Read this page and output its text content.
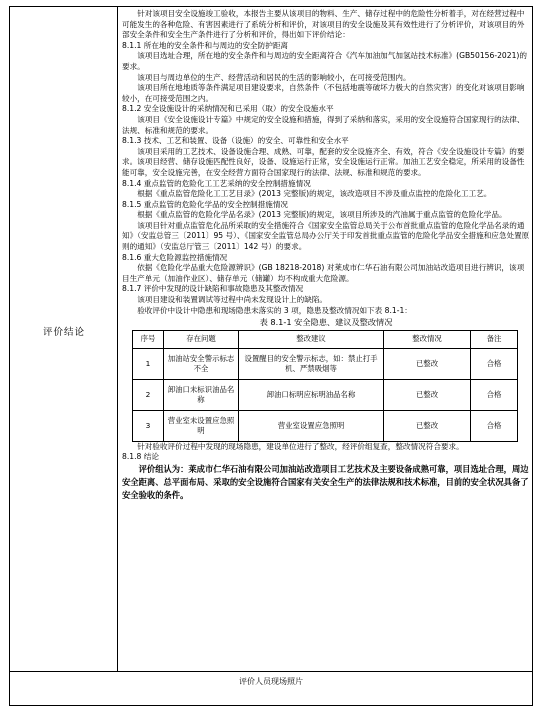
评价结论

针对该项目安全设施竣工验收，本报告主要从该项目的物料、生产、储存过程中的危险性分析着手，对在经营过程中可能发生的各种危险、有害因素进行了系统分析和评价，对该项目的安全设施及其有效性进行了分析评价，对该项目的外部安全条件和安全生产条件进行了分析和评价，得出如下评价结论：

8.1.1 所在地的安全条件和与周边的安全防护距离

该项目选址合理，所在地的安全条件和与周边的安全距离符合《汽车加油加气加氢站技术标准》(GB50156-2021)的要求。

该项目与周边单位的生产、经营活动和居民的生活的影响较小，在可接受范围内。

该项目所在地地质等条件满足项目建设要求，自然条件（不包括地震等破坏力极大的自然灾害）的变化对该项目影响较小，在可接受范围之内。

8.1.2 安全设施设计的采纳情况和已采用（取）的安全设施水平

该项目《安全设施设计专篇》中规定的安全设施和措施，得到了采纳和落实，采用的安全设施符合国家现行的法律、法规、标准和规范的要求。

8.1.3 技术、工艺和装置、设备（设施）的安全、可靠性和安全水平

该项目采用的工艺技术、设备设施合理、成熟、可靠，配套的安全设施齐全、有效，符合《安全设施设计专篇》的要求。该项目经营、储存设施匹配性良好，设备、设施运行正常，安全设施运行正常。加油工艺安全稳定，所采用的设备性能可靠，安全设施完善，在安全经营方面符合国家现行的法律、法规、标准和规范的要求。

8.1.4 重点监管的危险化工工艺采纳的安全控制措施情况

根据《重点监管危险化工工艺目录》(2013 完整版)的规定，该改造项目不涉及重点监控的危险化工工艺。

8.1.5 重点监管的危险化学品的安全控制措施情况

根据《重点监管的危险化学品名录》(2013 完整版)的规定，该项目所涉及的汽油属于重点监管的危险化学品。

该项目针对重点监管危化品所采取的安全措施符合《国家安全监管总局关于公布首批重点监管的危险化学品名录的通知》（安监总管三〔2011〕95 号）、《国家安全监管总局办公厅关于印发首批重点监管的危险化学品安全措施和应急处置原则的通知》（安监总厅管三〔2011〕142 号）的要求。

8.1.6 重大危险源监控措施情况

依据《危险化学品重大危险源辨识》(GB 18218-2018) 对莱成市仁华石油有限公司加油站改造项目进行辨识，该项目生产单元（加油作业区）、储存单元（储罐）均不构成重大危险源。

8.1.7 评价中发现的设计缺陷和事故隐患及其整改情况

该项目建设和装置调试等过程中尚未发现设计上的缺陷。

验收评价中设计中隐患和现场隐患未落实的 3 项，隐患及整改情况如下表 8.1-1：

表 8.1-1 安全隐患、建议及整改情况
序号	存在问题	整改建议	整改情况	备注
1	加油站安全警示标志不全	设置醒目的安全警示标志，如：禁止打手机、严禁吸烟等	已整改	合格
2	卸油口未标识油品名称	卸油口标明应标明油品名称	已整改	合格
3	营业室未设置应急照明	营业室设置应急照明	已整改	合格

针对验收评价过程中发现的现场隐患，建设单位进行了整改，经评价组复查，整改情况符合要求。

8.1.8 结论

评价组认为：莱成市仁华石油有限公司加油站改造项目工艺技术及主要设备成熟可靠，项目选址合理，周边安全距离、总平面布局、采取的安全设施符合国家有关安全生产的法律法规和技术标准，目前的安全状况具备了安全验收的条件。

评价人员现场照片
